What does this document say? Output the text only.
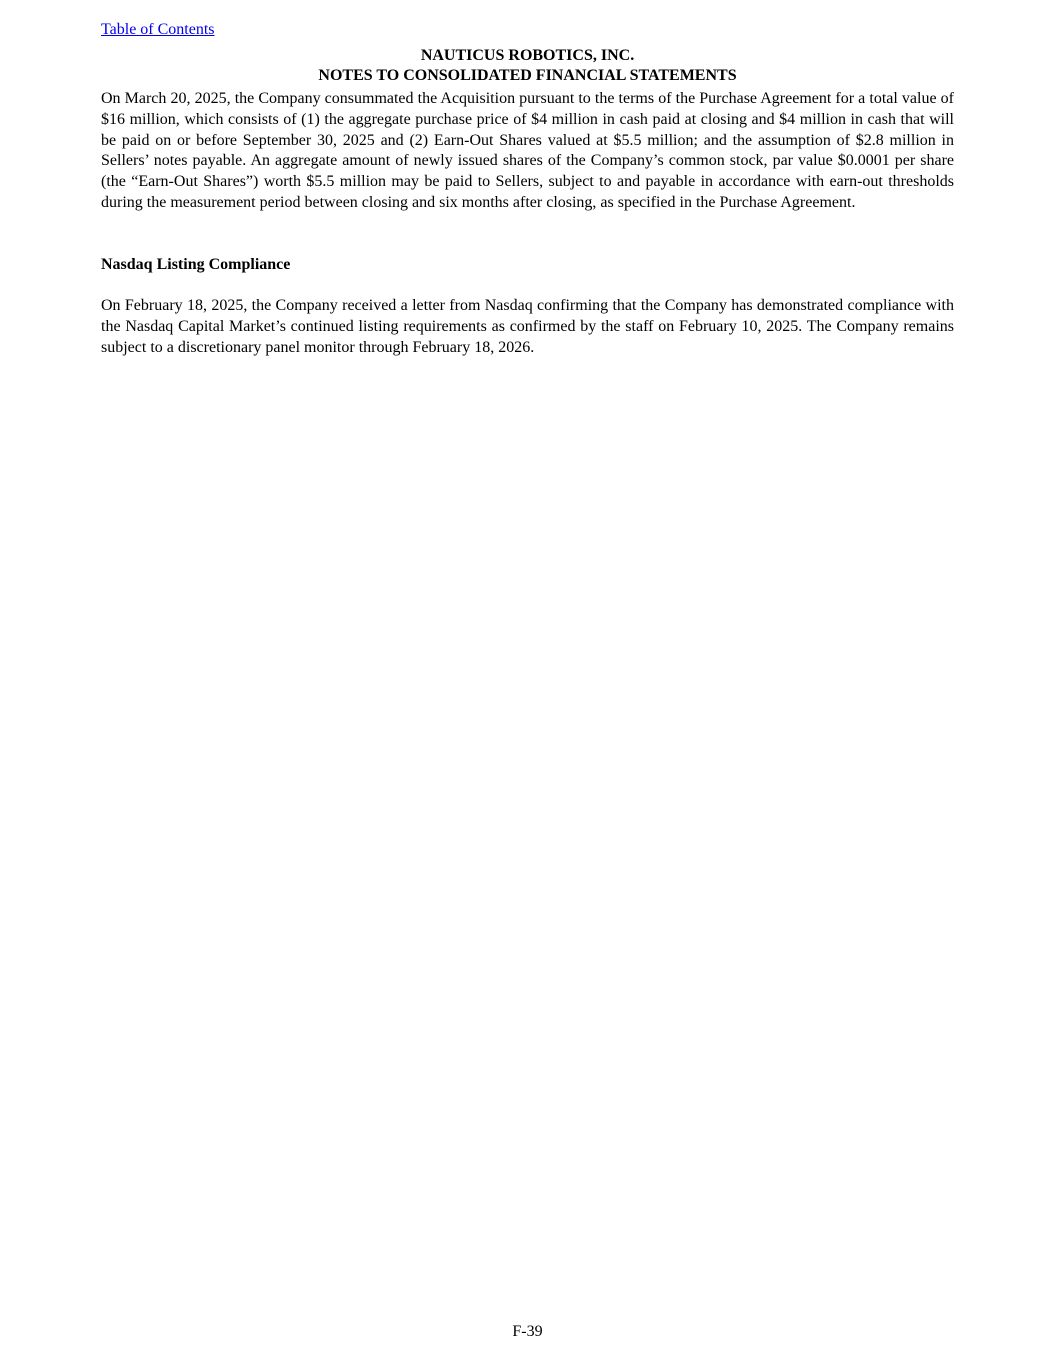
Table of Contents
NAUTICUS ROBOTICS, INC.
NOTES TO CONSOLIDATED FINANCIAL STATEMENTS

On March 20, 2025, the Company consummated the Acquisition pursuant to the terms of the Purchase Agreement for a total value of $16 million, which consists of (1) the aggregate purchase price of $4 million in cash paid at closing and $4 million in cash that will be paid on or before September 30, 2025 and (2) Earn-Out Shares valued at $5.5 million; and the assumption of $2.8 million in Sellers’ notes payable. An aggregate amount of newly issued shares of the Company’s common stock, par value $0.0001 per share (the “Earn-Out Shares”) worth $5.5 million may be paid to Sellers, subject to and payable in accordance with earn-out thresholds during the measurement period between closing and six months after closing, as specified in the Purchase Agreement.

Nasdaq Listing Compliance

On February 18, 2025, the Company received a letter from Nasdaq confirming that the Company has demonstrated compliance with the Nasdaq Capital Market’s continued listing requirements as confirmed by the staff on February 10, 2025. The Company remains subject to a discretionary panel monitor through February 18, 2026.

F-39
